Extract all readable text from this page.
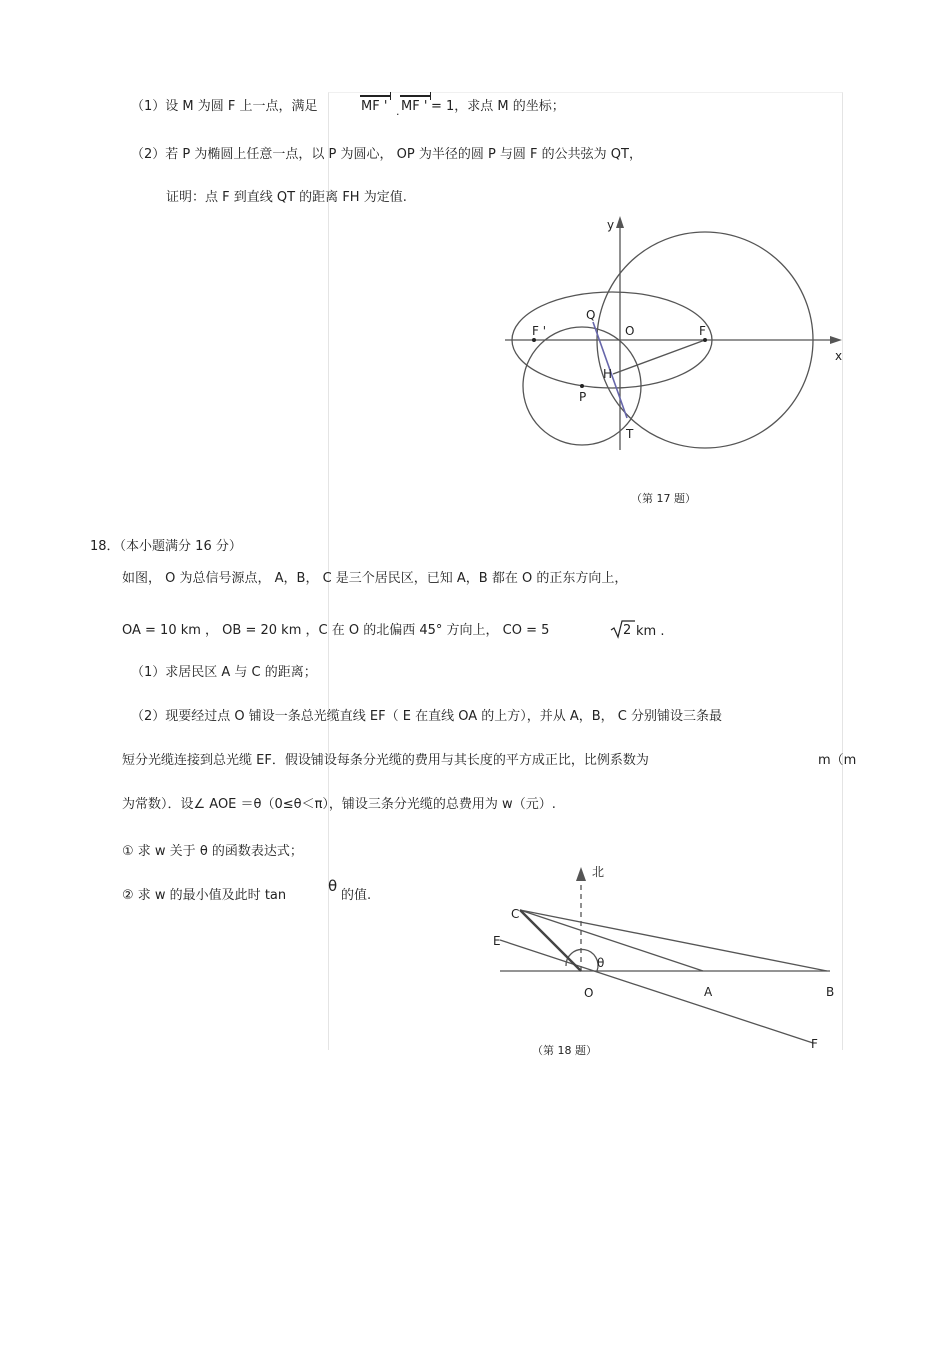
（1）设 M 为圆 F 上一点，满足	MF ' . MF ' = 1，求点 M 的坐标；
（2）若 P 为椭圆上任意一点，以 P 为圆心， OP 为半径的圆 P 与圆 F 的公共弦为 QT，
证明：点 F 到直线 QT 的距离 FH 为定值.
y
x
Q
O
F '	F
H
P
T
（第 17 题）
18．（本小题满分 16 分）
如图， O 为总信号源点， A，B， C 是三个居民区，已知 A，B 都在 O 的正东方向上，
OA = 10 km ， OB = 20 km ，C 在 O 的北偏西 45° 方向上， CO = 5	2 km .
（1）求居民区 A 与 C 的距离；
（2）现要经过点 O 铺设一条总光缆直线 EF（ E 在直线 OA 的上方），并从 A，B， C 分别铺设三条最
短分光缆连接到总光缆 EF．假设铺设每条分光缆的费用与其长度的平方成正比，比例系数为	m（m
为常数）．设∠ AOE ＝θ（0≤θ＜π），铺设三条分光缆的总费用为 w（元）.
① 求 w 关于 θ 的函数表达式；
② 求 w 的最小值及此时 tan
θ
的值.
北
C
E
θ
O	A	B
F
（第 18 题）
